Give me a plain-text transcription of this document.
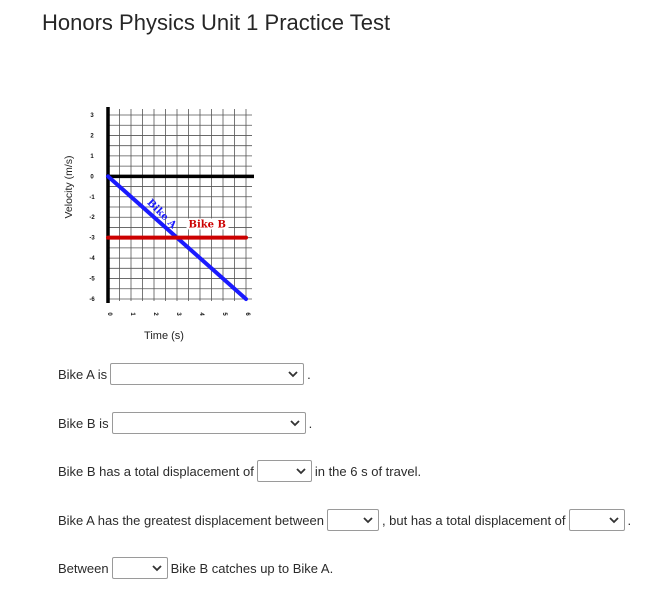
Honors Physics Unit 1 Practice Test
3
2
1
0
-1
-2
-3
-4
-5
-6
0	1	2	3	4	5	6
Bike A Bike B
Velocity (m/s)
Time (s)
Bike A is	.
Bike B is	.
Bike B has a total displacement of	in the 6 s of travel.
Bike A has the greatest displacement between	, but has a total displacement of	.
Between	Bike B catches up to Bike A.
